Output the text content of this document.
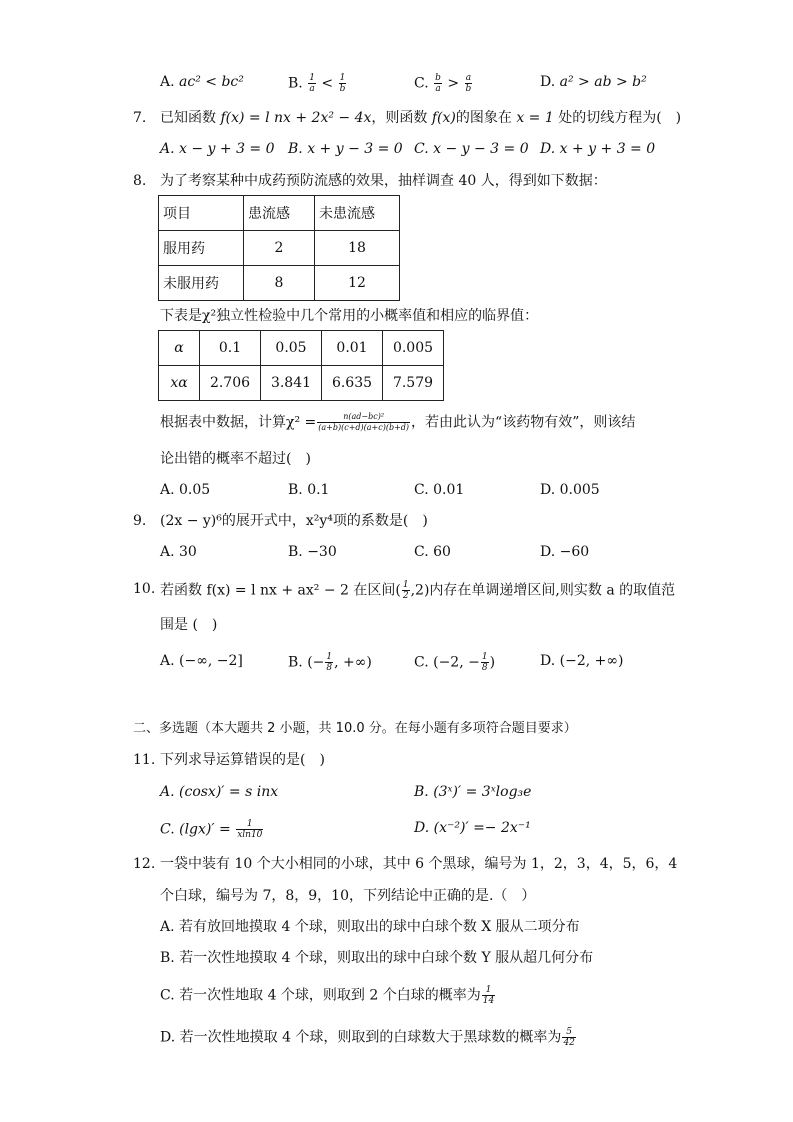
A. ac² < bc²	B. $\frac{1}{a} < \frac{1}{b}$	C. $\frac{b}{a} > \frac{a}{b}$	D. a² > ab > b²
7. 已知函数 f(x) = l nx + 2x² − 4x，则函数 f(x)的图象在 x = 1 处的切线方程为(　)
A. x − y + 3 = 0 B. x + y − 3 = 0 C. x − y − 3 = 0 D. x + y + 3 = 0
8. 为了考察某种中成药预防流感的效果，抽样调查 40 人，得到如下数据：
项目	患流感	未患流感
服用药	2	18
未服用药	8	12
下表是χ²独立性检验中几个常用的小概率值和相应的临界值：
α	0.1	0.05	0.01	0.005
xα	2.706	3.841	6.635	7.579
根据表中数据，计算$\chi^2 = \frac{\text{n(ad−bc)²}}{(a+b)(c+d)(a+c)(b+d)}$ ，若由此认为“该药物有效”，则该结
论出错的概率不超过(　)
A. 0.05	B. 0.1	C. 0.01	D. 0.005
9. (2x − y)⁶的展开式中，x²y⁴项的系数是(　)
A. 30	B. −30	C. 60	D. −60
10. 若函数 f(x) = l nx + ax² − 2 在区间( $\frac{1}{2} ,2$)内存在单调递增区间,则实数 a 的取值范
围是 (　)
A. (−∞, −2]	B. (− $\frac{1}{8}$ , +∞)	C. (−2, − $\frac{1}{8}$ )	D. (−2, +∞)
二、多选题（本大题共 2 小题，共 10.0 分。在每小题有多项符合题目要求）
11. 下列求导运算错误的是(　)
A. (cosx)′ = s inx	B. (3ˣ)′ = 3ˣlog₃e
C. $(\lg x)' = \frac{1}{xln10}$	D. (x⁻²)′ =− 2x⁻¹
12. 一袋中装有 10 个大小相同的小球，其中 6 个黑球，编号为 1，2，3，4，5，6，4
个白球，编号为 7，8，9，10，下列结论中正确的是.（　）
A. 若有放回地摸取 4 个球，则取出的球中白球个数 X 服从二项分布
B. 若一次性地摸取 4 个球，则取出的球中白球个数 Y 服从超几何分布
C. 若一次性地取 4 个球，则取到 2 个白球的概率为 $\frac{1}{14}$
D. 若一次性地摸取 4 个球，则取到的白球数大于黑球数的概率为 $\frac{5}{42}$
